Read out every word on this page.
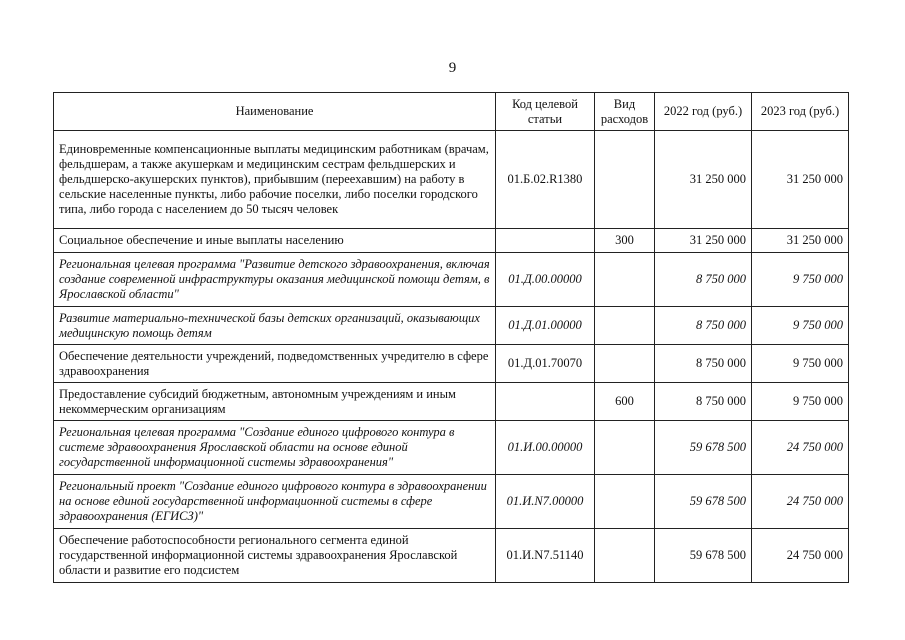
9
Наименование	Код целевой статьи	Вид расходов	2022 год (руб.)	2023 год (руб.)
Единовременные компенсационные выплаты медицинским работникам (врачам, фельдшерам, а также акушеркам и медицинским сестрам фельдшерских и фельдшерско-акушерских пунктов), прибывшим (переехавшим) на работу в сельские населенные пункты, либо рабочие поселки, либо поселки городского типа, либо города с населением до 50 тысяч человек	01.Б.02.R1380		31 250 000	31 250 000
Социальное обеспечение и иные выплаты населению		300	31 250 000	31 250 000
Региональная целевая программа "Развитие детского здравоохранения, включая создание современной инфраструктуры оказания медицинской помощи детям, в Ярославской области"	01.Д.00.00000		8 750 000	9 750 000
Развитие материально-технической базы детских организаций, оказывающих медицинскую помощь детям	01.Д.01.00000		8 750 000	9 750 000
Обеспечение деятельности учреждений, подведомственных учредителю в сфере здравоохранения	01.Д.01.70070		8 750 000	9 750 000
Предоставление субсидий бюджетным, автономным учреждениям и иным некоммерческим организациям		600	8 750 000	9 750 000
Региональная целевая программа "Создание единого цифрового контура в системе здравоохранения Ярославской области на основе единой государственной информационной системы здравоохранения"	01.И.00.00000		59 678 500	24 750 000
Региональный проект "Создание единого цифрового контура в здравоохранении на основе единой государственной информационной системы в сфере здравоохранения (ЕГИСЗ)"	01.И.N7.00000		59 678 500	24 750 000
Обеспечение работоспособности регионального сегмента единой государственной информационной системы здравоохранения Ярославской области и развитие его подсистем	01.И.N7.51140		59 678 500	24 750 000
